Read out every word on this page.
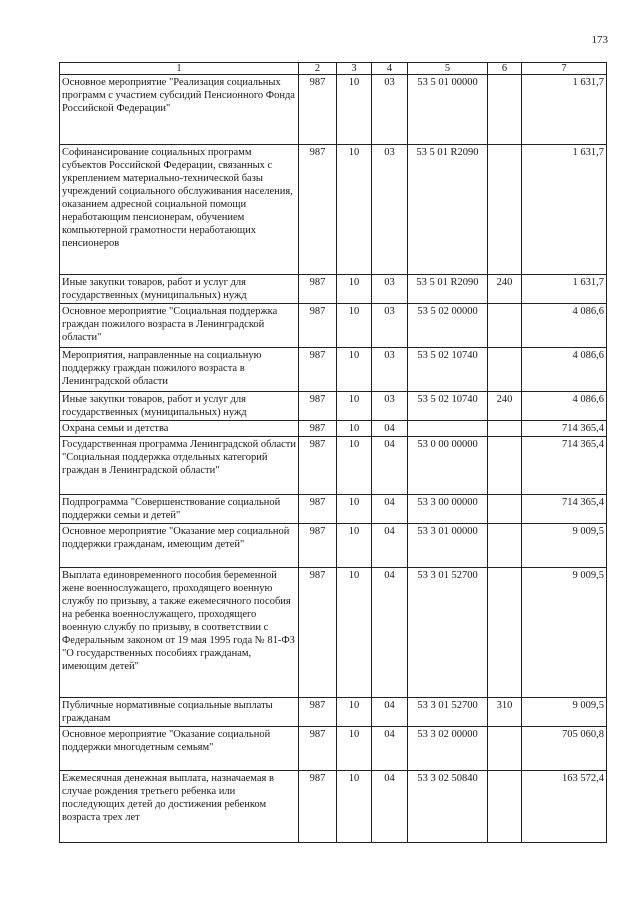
173
1	2	3	4	5	6	7
Основное мероприятие "Реализация социальных программ с участием субсидий Пенсионного Фонда Российской Федерации"	987	10	03	53 5 01 00000		1 631,7
Софинансирование социальных программ субъектов Российской Федерации, связанных с укреплением материально-технической базы учреждений социального обслуживания населения, оказанием адресной социальной помощи неработающим пенсионерам, обучением компьютерной грамотности неработающих пенсионеров	987	10	03	53 5 01 R2090		1 631,7
Иные закупки товаров, работ и услуг для государственных (муниципальных) нужд	987	10	03	53 5 01 R2090	240	1 631,7
Основное мероприятие "Социальная поддержка граждан пожилого возраста в Ленинградской области"	987	10	03	53 5 02 00000		4 086,6
Мероприятия, направленные на социальную поддержку граждан пожилого возраста в Ленинградской области	987	10	03	53 5 02 10740		4 086,6
Иные закупки товаров, работ и услуг для государственных (муниципальных) нужд	987	10	03	53 5 02 10740	240	4 086,6
Охрана семьи и детства	987	10	04			714 365,4
Государственная программа Ленинградской области "Социальная поддержка отдельных категорий граждан в Ленинградской области"	987	10	04	53 0 00 00000		714 365,4
Подпрограмма "Совершенствование социальной поддержки семьи и детей"	987	10	04	53 3 00 00000		714 365,4
Основное мероприятие "Оказание мер социальной поддержки гражданам, имеющим детей"	987	10	04	53 3 01 00000		9 009,5
Выплата единовременного пособия беременной жене военнослужащего, проходящего военную службу по призыву, а также ежемесячного пособия на ребенка военнослужащего, проходящего военную службу по призыву, в соответствии с Федеральным законом от 19 мая 1995 года № 81-ФЗ "О государственных пособиях гражданам, имеющим детей"	987	10	04	53 3 01 52700		9 009,5
Публичные нормативные социальные выплаты гражданам	987	10	04	53 3 01 52700	310	9 009,5
Основное мероприятие "Оказание социальной поддержки многодетным семьям"	987	10	04	53 3 02 00000		705 060,8
Ежемесячная денежная выплата, назначаемая в случае рождения третьего ребенка или последующих детей до достижения ребенком возраста трех лет	987	10	04	53 3 02 50840		163 572,4
